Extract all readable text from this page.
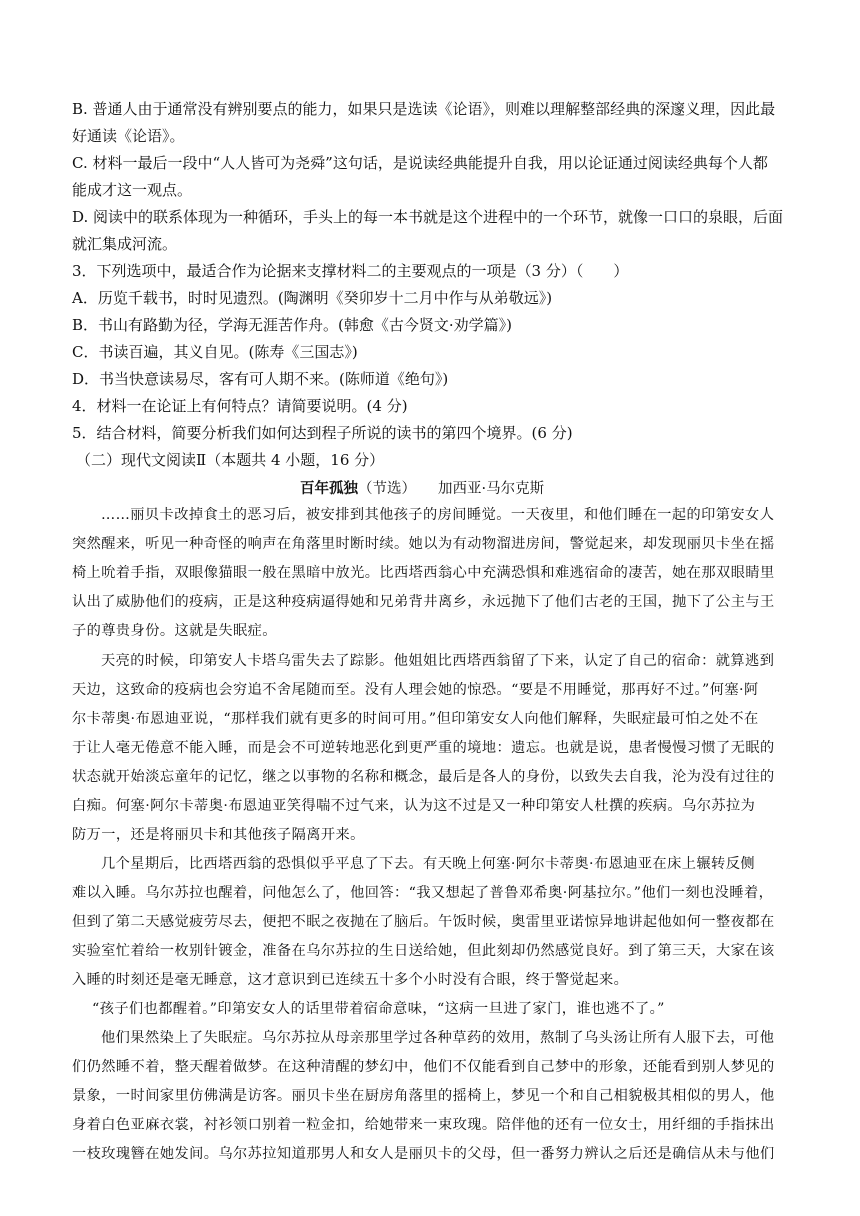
B. 普通人由于通常没有辨别要点的能力，如果只是选读《论语》，则难以理解整部经典的深邃义理，因此最
好通读《论语》。
C. 材料一最后一段中“人人皆可为尧舜”这句话，是说读经典能提升自我，用以论证通过阅读经典每个人都
能成才这一观点。
D. 阅读中的联系体现为一种循环，手头上的每一本书就是这个进程中的一个环节，就像一口口的泉眼，后面
就汇集成河流。
3．下列选项中，最适合作为论据来支撑材料二的主要观点的一项是（3 分）（　　）
A．历览千载书，时时见遗烈。(陶渊明《癸卯岁十二月中作与从弟敬远》)
B．书山有路勤为径，学海无涯苦作舟。(韩愈《古今贤文·劝学篇》)
C．书读百遍，其义自见。(陈寿《三国志》)
D．书当快意读易尽，客有可人期不来。(陈师道《绝句》)
4．材料一在论证上有何特点？请简要说明。(4 分)
5．结合材料，简要分析我们如何达到程子所说的读书的第四个境界。(6 分)
（二）现代文阅读Ⅱ（本题共 4 小题，16 分）
百年孤独（节选） 加西亚·马尔克斯
……丽贝卡改掉食土的恶习后，被安排到其他孩子的房间睡觉。一天夜里，和他们睡在一起的印第安女人
突然醒来，听见一种奇怪的响声在角落里时断时续。她以为有动物溜进房间，警觉起来，却发现丽贝卡坐在摇
椅上吮着手指，双眼像猫眼一般在黑暗中放光。比西塔西翁心中充满恐惧和难逃宿命的凄苦，她在那双眼睛里
认出了威胁他们的疫病，正是这种疫病逼得她和兄弟背井离乡，永远抛下了他们古老的王国，抛下了公主与王
子的尊贵身份。这就是失眠症。
天亮的时候，印第安人卡塔乌雷失去了踪影。他姐姐比西塔西翁留了下来，认定了自己的宿命：就算逃到
天边，这致命的疫病也会穷追不舍尾随而至。没有人理会她的惊恐。“要是不用睡觉，那再好不过。”何塞·阿
尔卡蒂奥·布恩迪亚说，“那样我们就有更多的时间可用。”但印第安女人向他们解释，失眠症最可怕之处不在
于让人毫无倦意不能入睡，而是会不可逆转地恶化到更严重的境地：遗忘。也就是说，患者慢慢习惯了无眠的
状态就开始淡忘童年的记忆，继之以事物的名称和概念，最后是各人的身份，以致失去自我，沦为没有过往的
白痴。何塞·阿尔卡蒂奥·布恩迪亚笑得喘不过气来，认为这不过是又一种印第安人杜撰的疾病。乌尔苏拉为
防万一，还是将丽贝卡和其他孩子隔离开来。
几个星期后，比西塔西翁的恐惧似乎平息了下去。有天晚上何塞·阿尔卡蒂奥·布恩迪亚在床上辗转反侧
难以入睡。乌尔苏拉也醒着，问他怎么了，他回答：“我又想起了普鲁邓希奥·阿基拉尔。”他们一刻也没睡着，
但到了第二天感觉疲劳尽去，便把不眠之夜抛在了脑后。午饭时候，奥雷里亚诺惊异地讲起他如何一整夜都在
实验室忙着给一枚别针镀金，准备在乌尔苏拉的生日送给她，但此刻却仍然感觉良好。到了第三天，大家在该
入睡的时刻还是毫无睡意，这才意识到已连续五十多个小时没有合眼，终于警觉起来。
“孩子们也都醒着。”印第安女人的话里带着宿命意味，“这病一旦进了家门，谁也逃不了。”
他们果然染上了失眠症。乌尔苏拉从母亲那里学过各种草药的效用，熬制了乌头汤让所有人服下去，可他
们仍然睡不着，整天醒着做梦。在这种清醒的梦幻中，他们不仅能看到自己梦中的形象，还能看到别人梦见的
景象，一时间家里仿佛满是访客。丽贝卡坐在厨房角落里的摇椅上，梦见一个和自己相貌极其相似的男人，他
身着白色亚麻衣裳，衬衫领口别着一粒金扣，给她带来一束玫瑰。陪伴他的还有一位女士，用纤细的手指抹出
一枝玫瑰簪在她发间。乌尔苏拉知道那男人和女人是丽贝卡的父母，但一番努力辨认之后还是确信从未与他们
